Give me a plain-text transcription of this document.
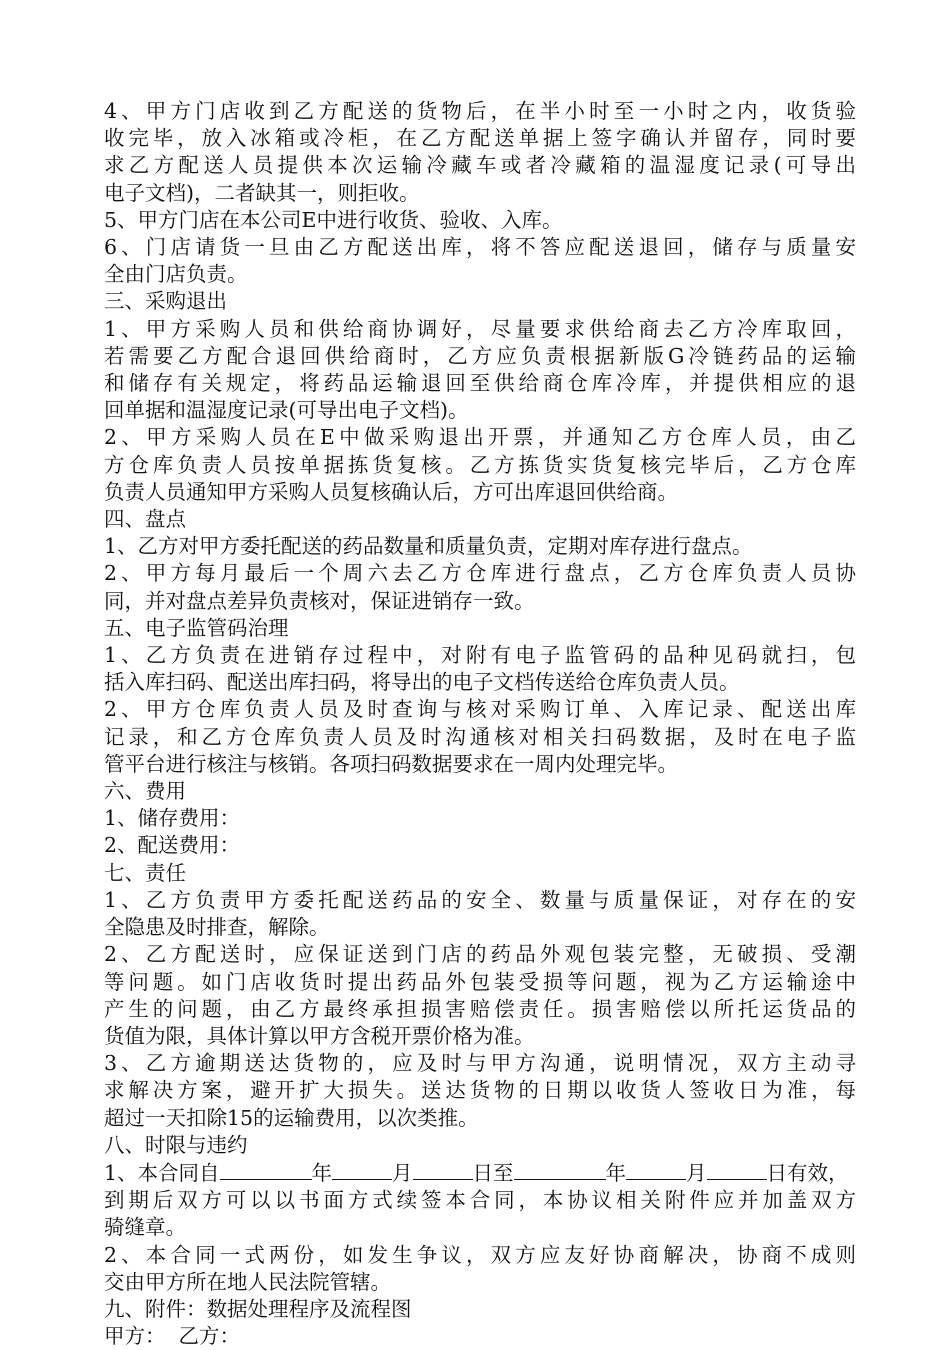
4、甲方门店收到乙方配送的货物后，在半小时至一小时之内，收货验
收完毕，放入冰箱或冷柜，在乙方配送单据上签字确认并留存，同时要
求乙方配送人员提供本次运输冷藏车或者冷藏箱的温湿度记录(可导出
电子文档)，二者缺其一，则拒收。
5、甲方门店在本公司E中进行收货、验收、入库。
6、门店请货一旦由乙方配送出库，将不答应配送退回，储存与质量安
全由门店负责。
三、采购退出
1、甲方采购人员和供给商协调好，尽量要求供给商去乙方冷库取回，
若需要乙方配合退回供给商时，乙方应负责根据新版G冷链药品的运输
和储存有关规定，将药品运输退回至供给商仓库冷库，并提供相应的退
回单据和温湿度记录(可导出电子文档)。
2、甲方采购人员在E中做采购退出开票，并通知乙方仓库人员，由乙
方仓库负责人员按单据拣货复核。乙方拣货实货复核完毕后，乙方仓库
负责人员通知甲方采购人员复核确认后，方可出库退回供给商。
四、盘点
1、乙方对甲方委托配送的药品数量和质量负责，定期对库存进行盘点。
2、甲方每月最后一个周六去乙方仓库进行盘点，乙方仓库负责人员协
同，并对盘点差异负责核对，保证进销存一致。
五、电子监管码治理
1、乙方负责在进销存过程中，对附有电子监管码的品种见码就扫，包
括入库扫码、配送出库扫码，将导出的电子文档传送给仓库负责人员。
2、甲方仓库负责人员及时查询与核对采购订单、入库记录、配送出库
记录，和乙方仓库负责人员及时沟通核对相关扫码数据，及时在电子监
管平台进行核注与核销。各项扫码数据要求在一周内处理完毕。
六、费用
1、储存费用：
2、配送费用：
七、责任
1、乙方负责甲方委托配送药品的安全、数量与质量保证，对存在的安
全隐患及时排查，解除。
2、乙方配送时，应保证送到门店的药品外观包装完整，无破损、受潮
等问题。如门店收货时提出药品外包装受损等问题，视为乙方运输途中
产生的问题，由乙方最终承担损害赔偿责任。损害赔偿以所托运货品的
货值为限，具体计算以甲方含税开票价格为准。
3、乙方逾期送达货物的，应及时与甲方沟通，说明情况，双方主动寻
求解决方案，避开扩大损失。送达货物的日期以收货人签收日为准，每
超过一天扣除15的运输费用，以次类推。
八、时限与违约
1、本合同自	年	月	日至	年	月	日有效，
到期后双方可以以书面方式续签本合同，本协议相关附件应并加盖双方
骑缝章。
2、本合同一式两份，如发生争议，双方应友好协商解决，协商不成则
交由甲方所在地人民法院管辖。
九、附件：数据处理程序及流程图
甲方：  乙方：
